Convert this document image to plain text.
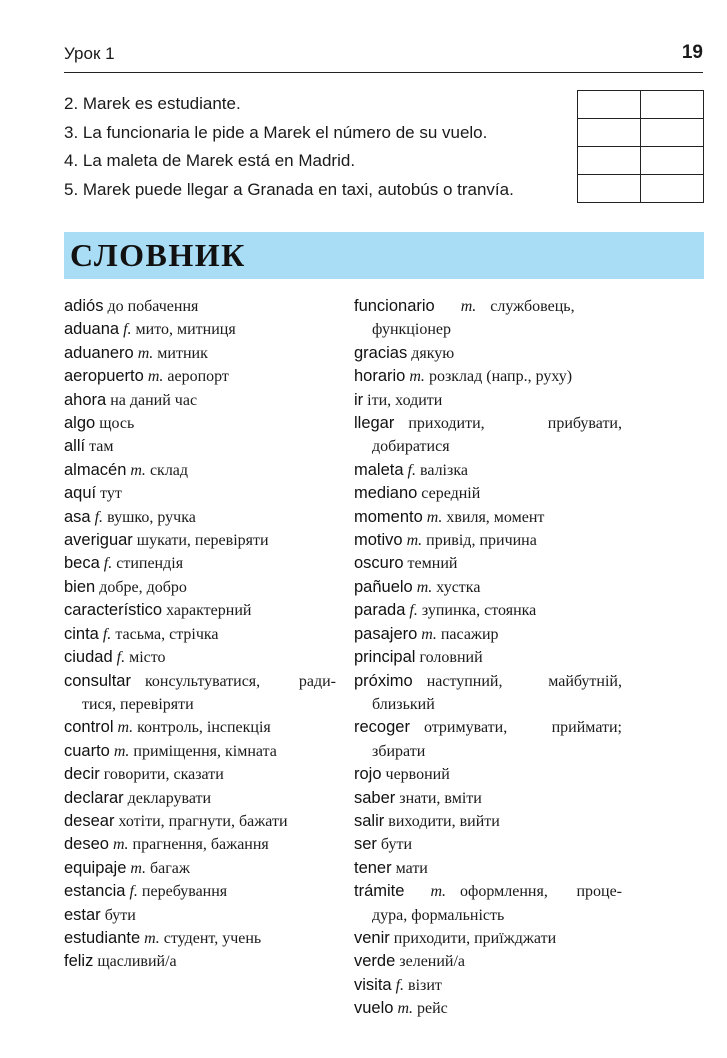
Урок 1	19
2. Marek es estudiante.
3. La funcionaria le pide a Marek el número de su vuelo.
4. La maleta de Marek está en Madrid.
5. Marek puede llegar a Granada en taxi, autobús o tranvía.

СЛОВНИК
adiós до побачення
aduana f. мито, митниця
aduanero m. митник
aeropuerto m. аеропорт
ahora на даний час
algo щось
allí там
almacén m. склад
aquí тут
asa f. вушко, ручка
averiguar шукати, перевіряти
beca f. стипендія
bien добре, добро
característico характерний
cinta f. тасьма, стрічка
ciudad f. місто
consultar консультуватися, ради-
тися, перевіряти
control m. контроль, інспекція
cuarto m. приміщення, кімната
decir говорити, сказати
declarar декларувати
desear хотіти, прагнути, бажати
deseo m. прагнення, бажання
equipaje m. багаж
estancia f. перебування
estar бути
estudiante m. студент, учень
feliz щасливий/а
funcionario m. службовець,
функціонер
gracias дякую
horario m. розклад (напр., руху)
ir іти, ходити
llegar приходити,	прибувати,
добиратися
maleta f. валізка
mediano середній
momento m. хвиля, момент
motivo m. привід, причина
oscuro темний
pañuelo m. хустка
parada f. зупинка, стоянка
pasajero m. пасажир
principal головний
próximo наступний,	майбутній,
близький
recoger отримувати,	приймати;
збирати
rojo червоний
saber знати, вміти
salir виходити, вийти
ser бути
tener мати
trámite m. оформлення, проце-
дура, формальність
venir приходити, приїжджати
verde зелений/а
visita f. візит
vuelo m. рейс
